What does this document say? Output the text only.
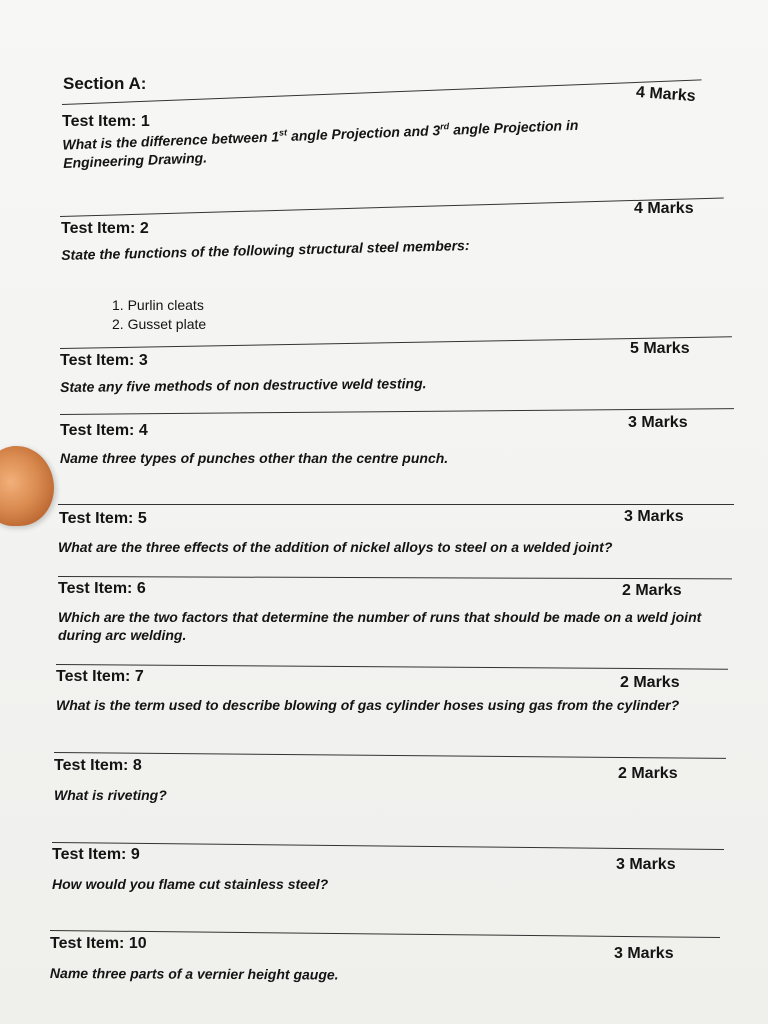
Section A:
4 Marks
Test Item: 1
What is the difference between 1st angle Projection and 3rd angle Projection in Engineering Drawing.
4 Marks
Test Item: 2
State the functions of the following structural steel members:
1. Purlin cleats
2. Gusset plate
5 Marks
Test Item: 3
State any five methods of non destructive weld testing.
3 Marks
Test Item: 4
Name three types of punches other than the centre punch.
3 Marks
Test Item: 5
What are the three effects of the addition of nickel alloys to steel on a welded joint?
2 Marks
Test Item: 6
Which are the two factors that determine the number of runs that should be made on a weld joint during arc welding.
2 Marks
Test Item: 7
What is the term used to describe blowing of gas cylinder hoses using gas from the cylinder?
2 Marks
Test Item: 8
What is riveting?
3 Marks
Test Item: 9
How would you flame cut stainless steel?
3 Marks
Test Item: 10
Name three parts of a vernier height gauge.
